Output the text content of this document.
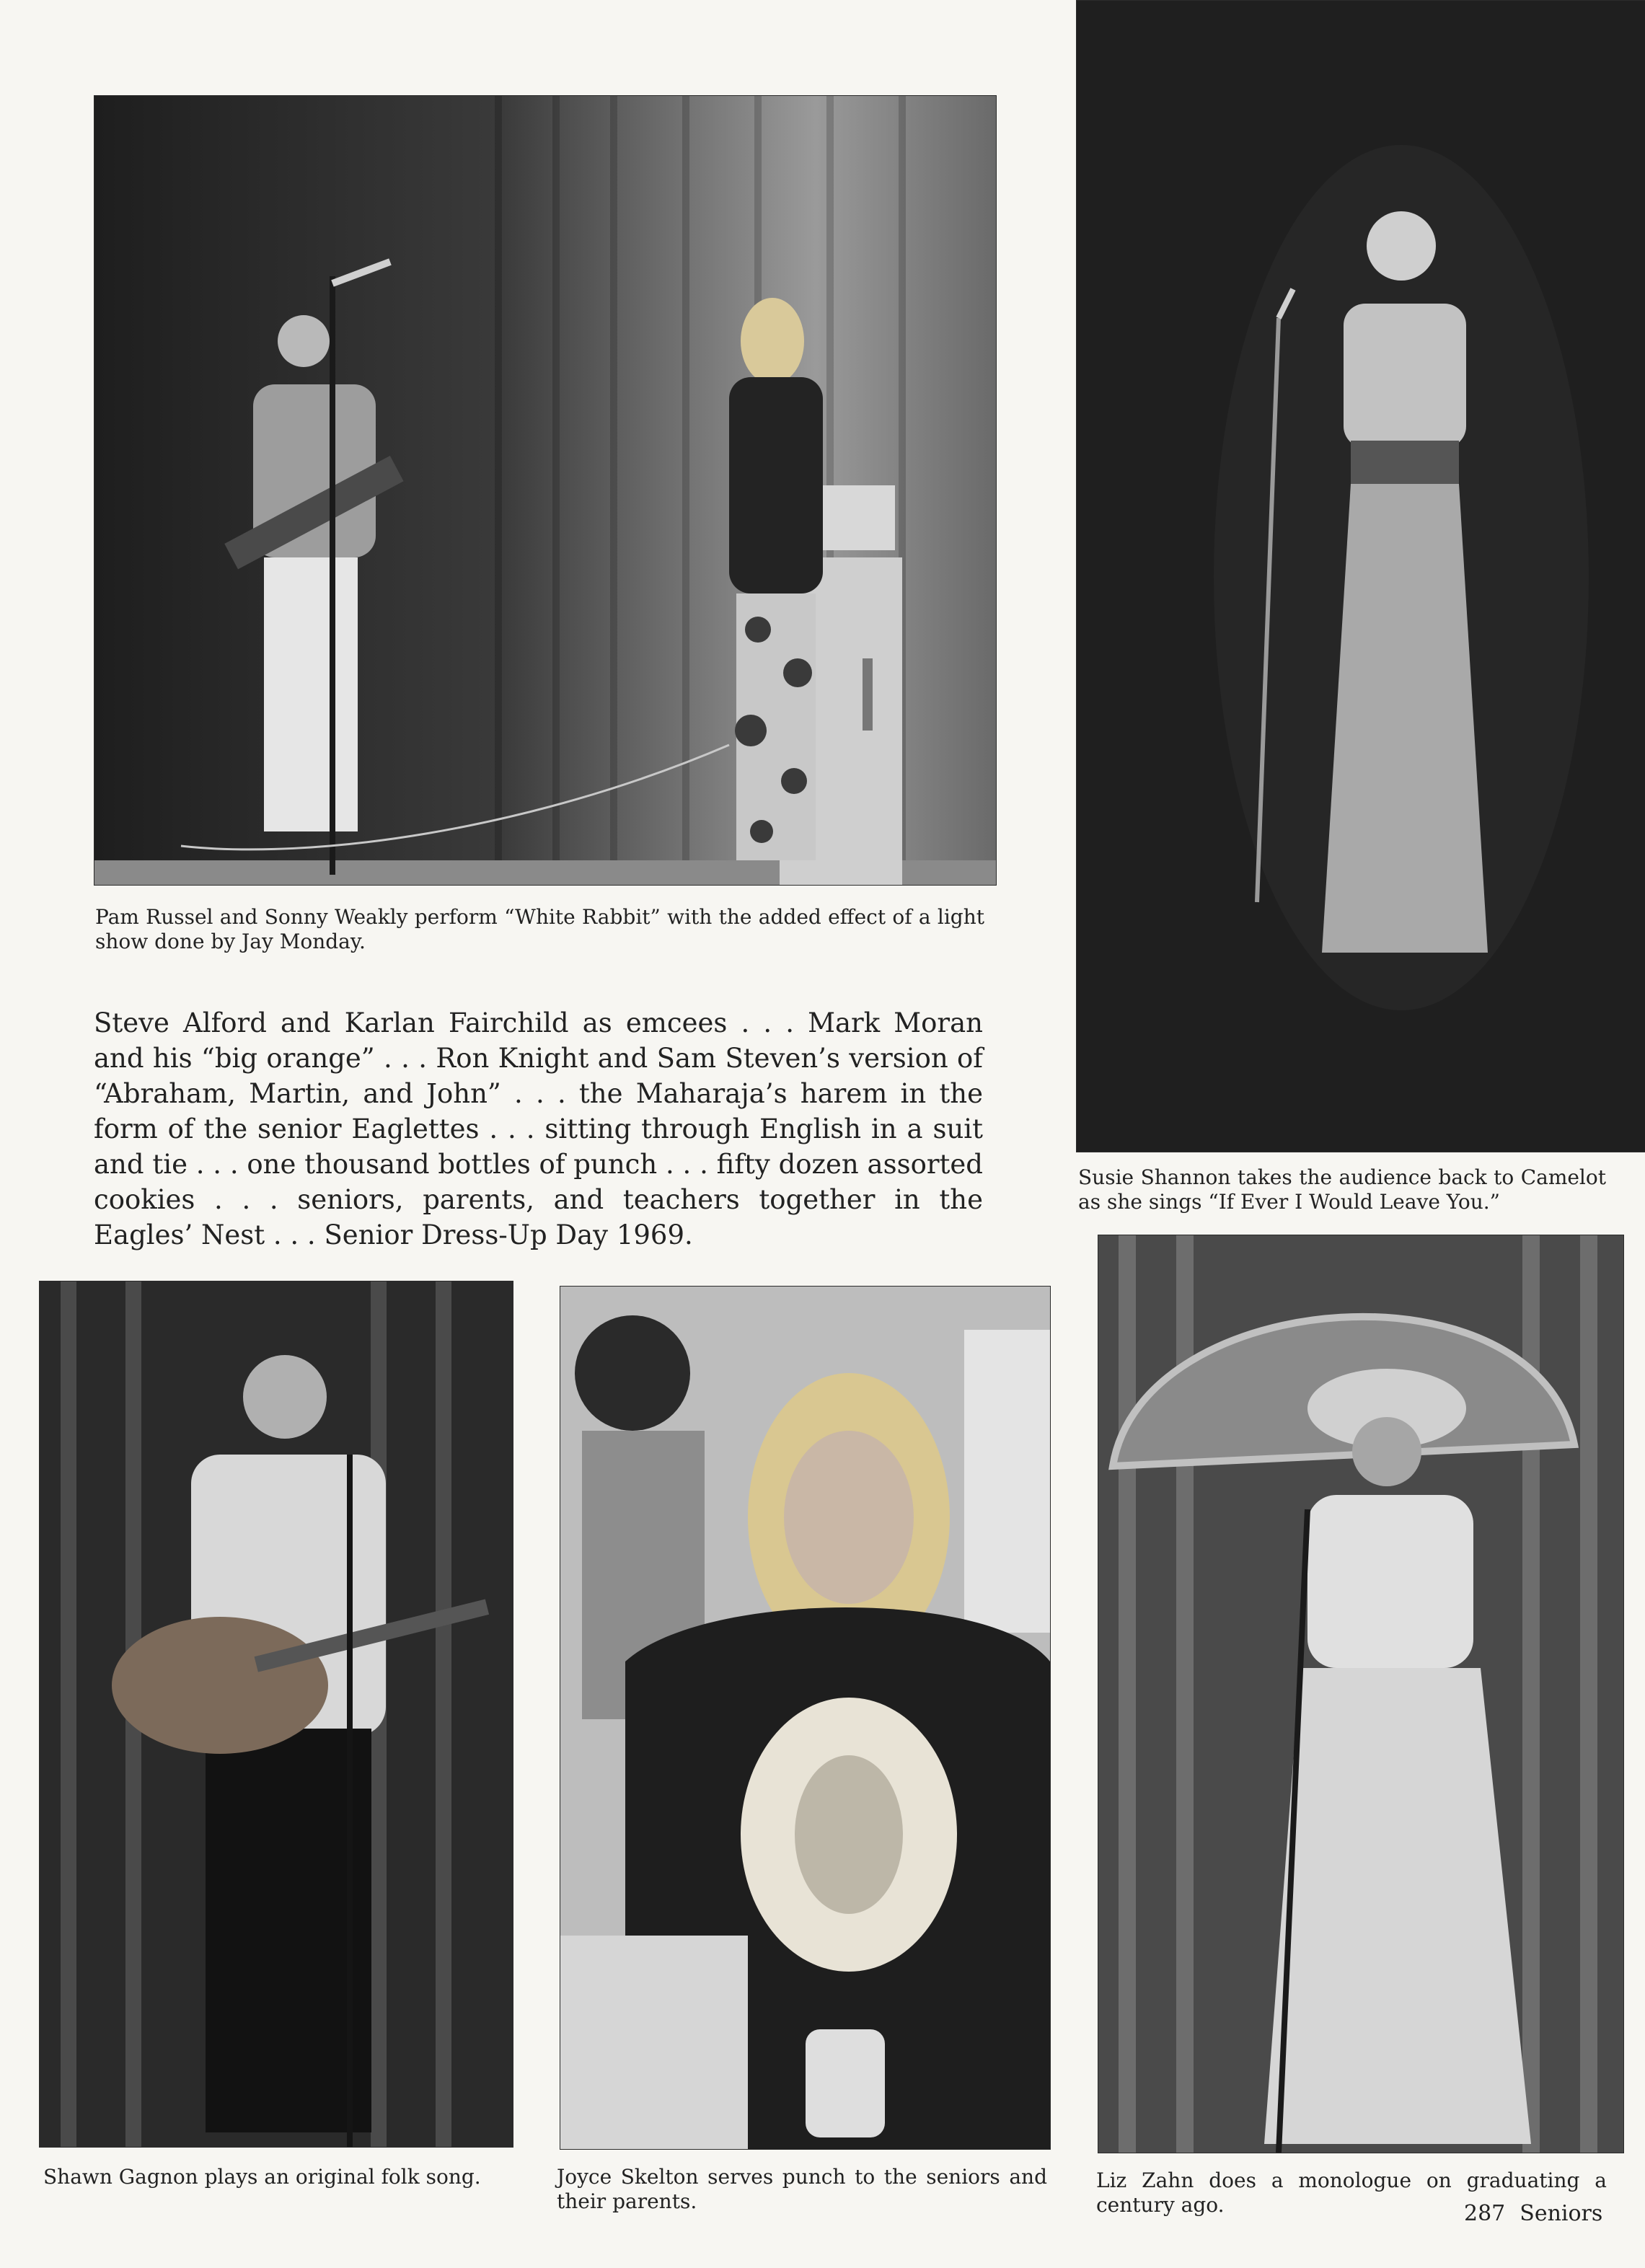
Pam Russel and Sonny Weakly perform “White Rabbit” with the added effect of a light show done by Jay Monday.
Susie Shannon takes the audience back to Camelot as she sings “If Ever I Would Leave You.”
Shawn Gagnon plays an original folk song.	Joyce Skelton serves punch to the seniors and their parents.
Liz Zahn does a monologue on graduating a century ago.
Steve Alford and Karlan Fairchild as emcees . . . Mark Moran and his “big orange” . . . Ron Knight and Sam Steven’s version of “Abraham, Martin, and John” . . . the Maharaja’s harem in the form of the senior Eaglettes . . . sitting through English in a suit and tie . . . one thousand bottles of punch . . . fifty dozen assorted cookies . . . seniors, parents, and teachers together in the Eagles’ Nest . . . Senior Dress-Up Day 1969.
287 Seniors
